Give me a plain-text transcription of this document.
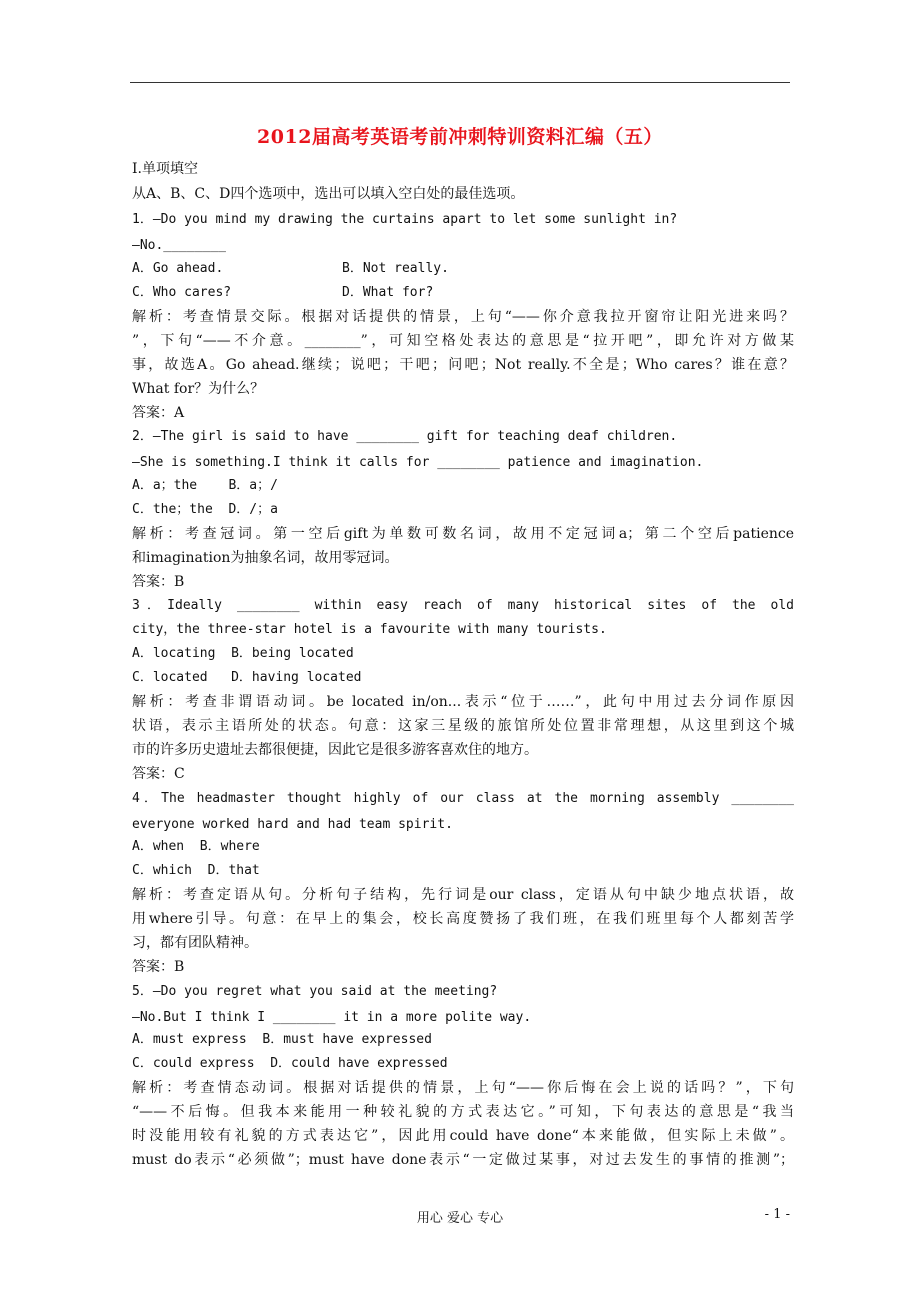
2012届高考英语考前冲刺特训资料汇编（五）
Ⅰ.单项填空
从A、B、C、D四个选项中，选出可以填入空白处的最佳选项。
1．—Do you mind my drawing the curtains apart to let some sunlight in?
—No.________
A．Go ahead.	B．Not really.
C．Who cares?	D．What for?
解析：考查情景交际。根据对话提供的情景，上句“——你介意我拉开窗帘让阳光进来吗？
”，下句“——不介意。________”，可知空格处表达的意思是“拉开吧”，即允许对方做某
事，故选A。Go ahead.继续；说吧；干吧；问吧；Not really.不全是；Who cares？谁在意？
What for？为什么？
答案：A
2．—The girl is said to have ________ gift for teaching deaf children.
—She is something.I think it calls for ________ patience and imagination.
A．a；the    B．a；/
C．the；the  D．/；a
解析：考查冠词。第一空后gift为单数可数名词，故用不定冠词a；第二个空后patience
和imagination为抽象名词，故用零冠词。
答案：B
3．Ideally ________ within easy reach of many historical sites of the old
city，the three-star hotel is a favourite with many tourists.
A．locating  B．being located
C．located   D．having located
解析：考查非谓语动词。be located in/on...表示“位于……”，此句中用过去分词作原因
状语，表示主语所处的状态。句意：这家三星级的旅馆所处位置非常理想，从这里到这个城
市的许多历史遗址去都很便捷，因此它是很多游客喜欢住的地方。
答案：C
4．The headmaster thought highly of our class at the morning assembly ________
everyone worked hard and had team spirit.
A．when  B．where
C．which  D．that
解析：考查定语从句。分析句子结构，先行词是our class，定语从句中缺少地点状语，故
用where引导。句意：在早上的集会，校长高度赞扬了我们班，在我们班里每个人都刻苦学
习，都有团队精神。
答案：B
5．—Do you regret what you said at the meeting?
—No.But I think I ________ it in a more polite way.
A．must express  B．must have expressed
C．could express  D．could have expressed
解析：考查情态动词。根据对话提供的情景，上句“——你后悔在会上说的话吗？”，下句
“——不后悔。但我本来能用一种较礼貌的方式表达它。”可知，下句表达的意思是“我当
时没能用较有礼貌的方式表达它”，因此用could have done“本来能做，但实际上未做”。
must do表示“必须做”；must have done表示“一定做过某事，对过去发生的事情的推测”；
用心 爱心 专心	- 1 -
